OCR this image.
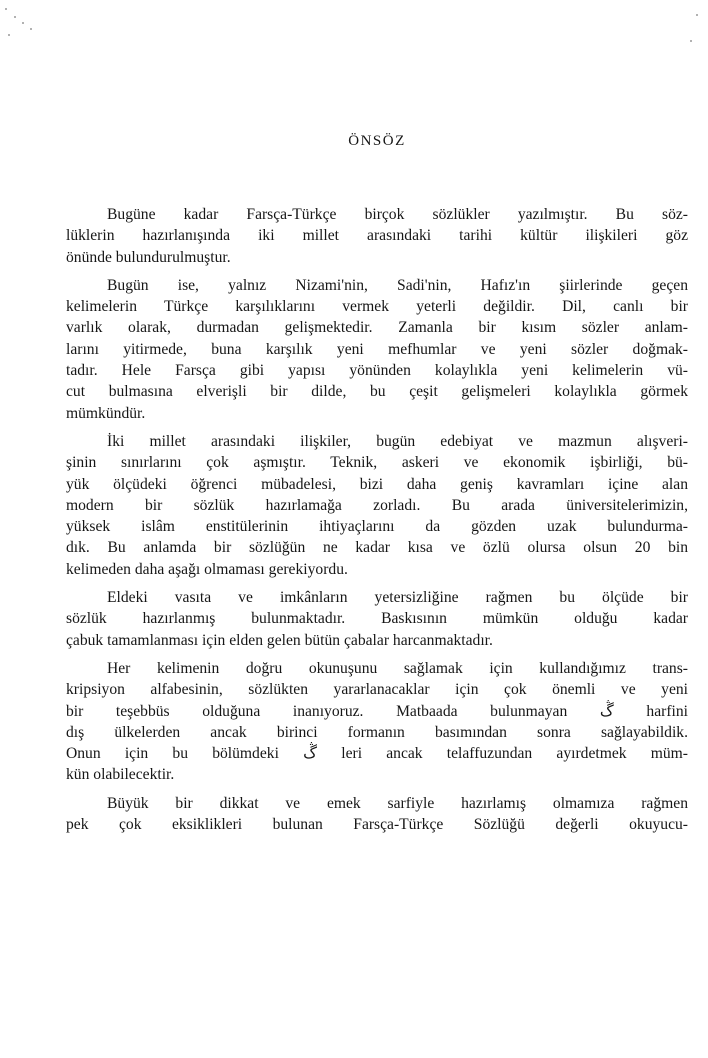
ÖNSÖZ
Bugüne kadar Farsça-Türkçe birçok sözlükler yazılmıştır. Bu söz-
lüklerin hazırlanışında iki millet arasındaki tarihi kültür ilişkileri göz
önünde bulundurulmuştur.
Bugün ise, yalnız Nizami'nin, Sadi'nin, Hafız'ın şiirlerinde geçen
kelimelerin Türkçe karşılıklarını vermek yeterli değildir. Dil, canlı bir
varlık olarak, durmadan gelişmektedir. Zamanla bir kısım sözler anlam-
larını yitirmede, buna karşılık yeni mefhumlar ve yeni sözler doğmak-
tadır. Hele Farsça gibi yapısı yönünden kolaylıkla yeni kelimelerin vü-
cut bulmasına elverişli bir dilde, bu çeşit gelişmeleri kolaylıkla görmek
mümkündür.
İki millet arasındaki ilişkiler, bugün edebiyat ve mazmun alışveri-
şinin sınırlarını çok aşmıştır. Teknik, askeri ve ekonomik işbirliği, bü-
yük ölçüdeki öğrenci mübadelesi, bizi daha geniş kavramları içine alan
modern bir sözlük hazırlamağa zorladı. Bu arada üniversitelerimizin,
yüksek islâm enstitülerinin ihtiyaçlarını da gözden uzak bulundurma-
dık. Bu anlamda bir sözlüğün ne kadar kısa ve özlü olursa olsun 20 bin
kelimeden daha aşağı olmaması gerekiyordu.
Eldeki vasıta ve imkânların yetersizliğine rağmen bu ölçüde bir
sözlük hazırlanmış bulunmaktadır. Baskısının mümkün olduğu kadar
çabuk tamamlanması için elden gelen bütün çabalar harcanmaktadır.
Her kelimenin doğru okunuşunu sağlamak için kullandığımız trans-
kripsiyon alfabesinin, sözlükten yararlanacaklar için çok önemli ve yeni
bir teşebbüs olduğuna inanıyoruz. Matbaada bulunmayan ڴ harfini
dış ülkelerden ancak birinci formanın basımından sonra sağlayabildik.
Onun için bu bölümdeki ڴ leri ancak telaffuzundan ayırdetmek müm-
kün olabilecektir.
Büyük bir dikkat ve emek sarfiyle hazırlamış olmamıza rağmen
pek çok eksiklikleri bulunan Farsça-Türkçe Sözlüğü değerli okuyucu-
